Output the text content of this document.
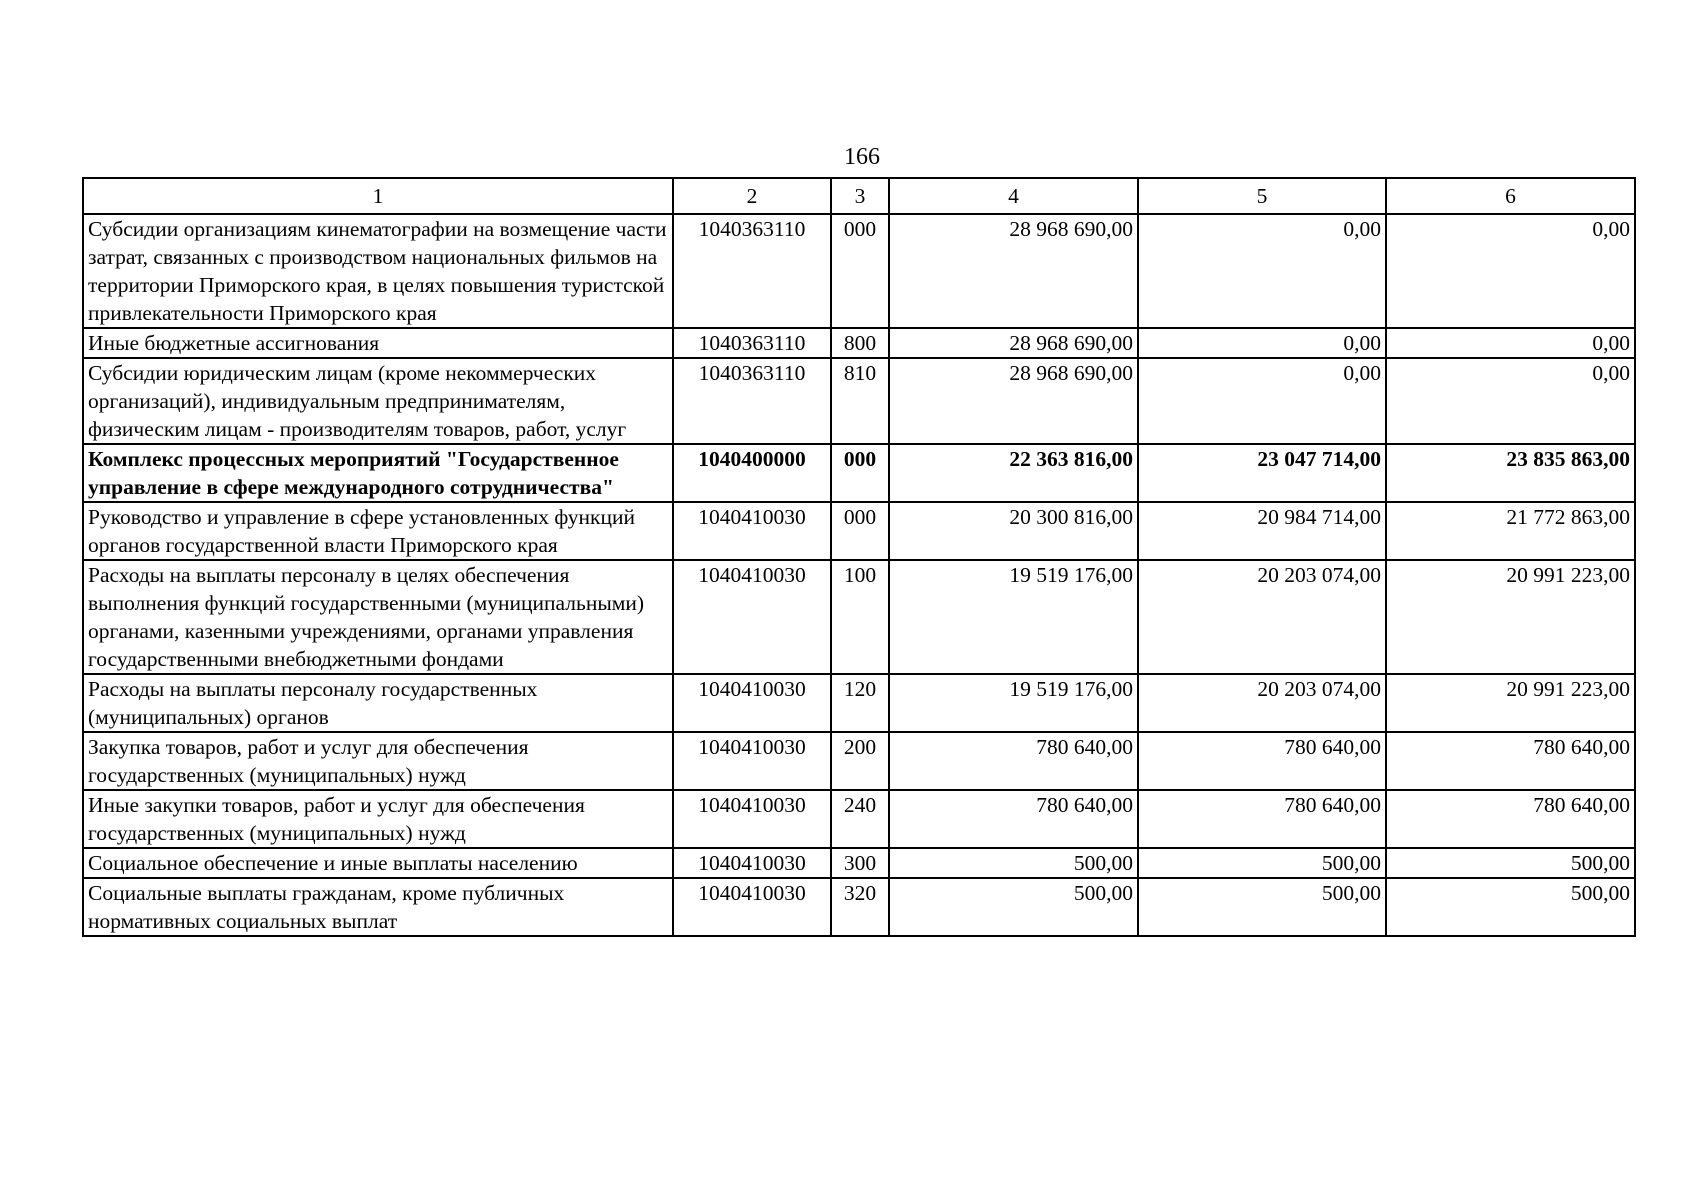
166
1	2	3	4	5	6
Субсидии организациям кинематографии на возмещение части затрат, связанных с производством национальных фильмов на территории Приморского края, в целях повышения туристской привлекательности Приморского края	1040363110	000	28 968 690,00	0,00	0,00
Иные бюджетные ассигнования	1040363110	800	28 968 690,00	0,00	0,00
Субсидии юридическим лицам (кроме некоммерческих организаций), индивидуальным предпринимателям, физическим лицам - производителям товаров, работ, услуг	1040363110	810	28 968 690,00	0,00	0,00
Комплекс процессных мероприятий "Государственное управление в сфере международного сотрудничества"	1040400000	000	22 363 816,00	23 047 714,00	23 835 863,00
Руководство и управление в сфере установленных функций органов государственной власти Приморского края	1040410030	000	20 300 816,00	20 984 714,00	21 772 863,00
Расходы на выплаты персоналу в целях обеспечения выполнения функций государственными (муниципальными) органами, казенными учреждениями, органами управления государственными внебюджетными фондами	1040410030	100	19 519 176,00	20 203 074,00	20 991 223,00
Расходы на выплаты персоналу государственных (муниципальных) органов	1040410030	120	19 519 176,00	20 203 074,00	20 991 223,00
Закупка товаров, работ и услуг для обеспечения государственных (муниципальных) нужд	1040410030	200	780 640,00	780 640,00	780 640,00
Иные закупки товаров, работ и услуг для обеспечения государственных (муниципальных) нужд	1040410030	240	780 640,00	780 640,00	780 640,00
Социальное обеспечение и иные выплаты населению	1040410030	300	500,00	500,00	500,00
Социальные выплаты гражданам, кроме публичных нормативных социальных выплат	1040410030	320	500,00	500,00	500,00
